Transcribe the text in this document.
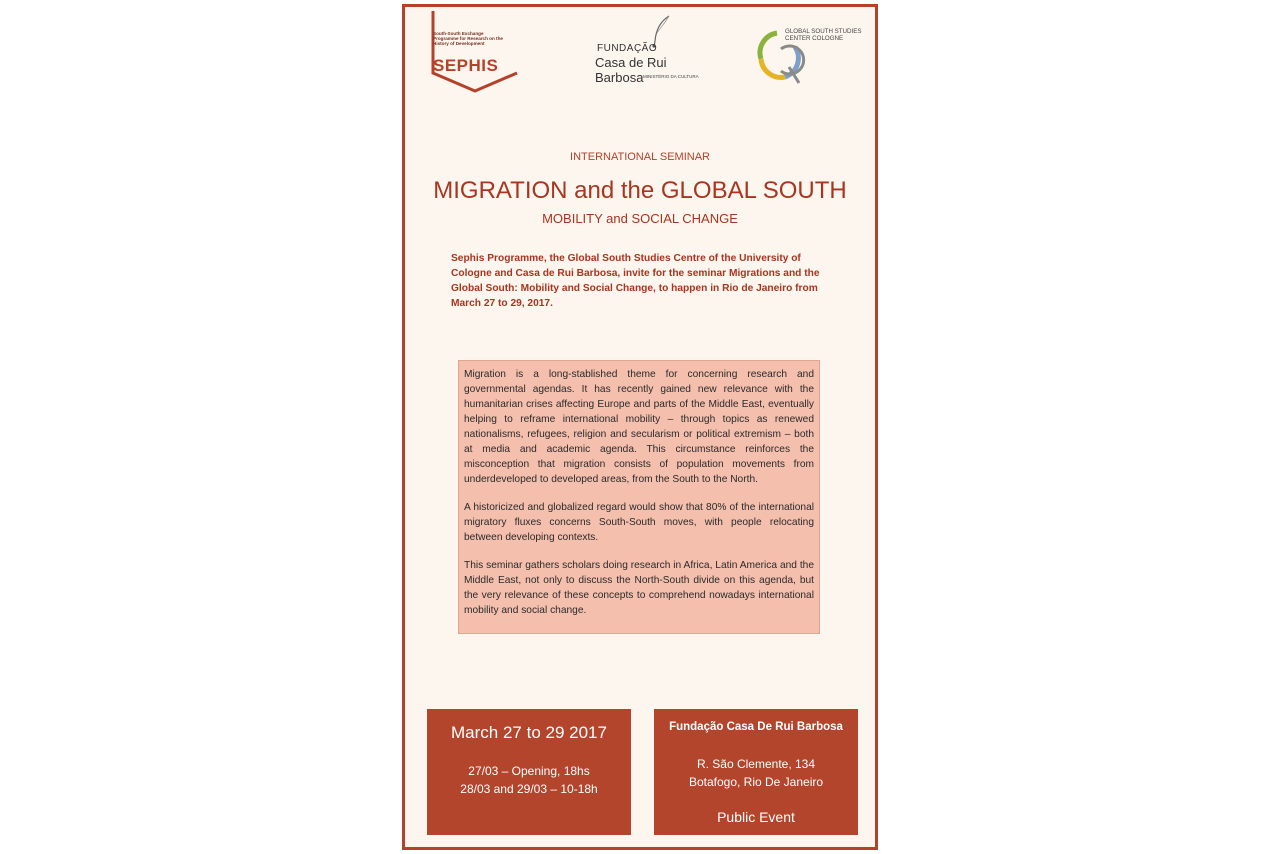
South-South Exchange Programme for Research on the History of Development
SEPHIS
FUNDAÇÃO
Casa de Rui Barbosa MINISTÉRIO DA CULTURA
GLOBAL SOUTH STUDIES CENTER COLOGNE
INTERNATIONAL SEMINAR
MIGRATION and the GLOBAL SOUTH
MOBILITY and SOCIAL CHANGE

Sephis Programme, the Global South Studies Centre of the University of Cologne and Casa de Rui Barbosa, invite for the seminar Migrations and the Global South: Mobility and Social Change, to happen in Rio de Janeiro from March 27 to 29, 2017.

Migration is a long-stablished theme for concerning research and governmental agendas. It has recently gained new relevance with the humanitarian crises affecting Europe and parts of the Middle East, eventually helping to reframe international mobility – through topics as renewed nationalisms, refugees, religion and secularism or political extremism – both at media and academic agenda. This circumstance reinforces the misconception that migration consists of population movements from underdeveloped to developed areas, from the South to the North.

A historicized and globalized regard would show that 80% of the international migratory fluxes concerns South-South moves, with people relocating between developing contexts.

This seminar gathers scholars doing research in Africa, Latin America and the Middle East, not only to discuss the North-South divide on this agenda, but the very relevance of these concepts to comprehend nowadays international mobility and social change.

March 27 to 29 2017
27/03 – Opening, 18hs
28/03 and 29/03 – 10-18h
Fundação Casa De Rui Barbosa
R. São Clemente, 134
Botafogo, Rio De Janeiro
Public Event
